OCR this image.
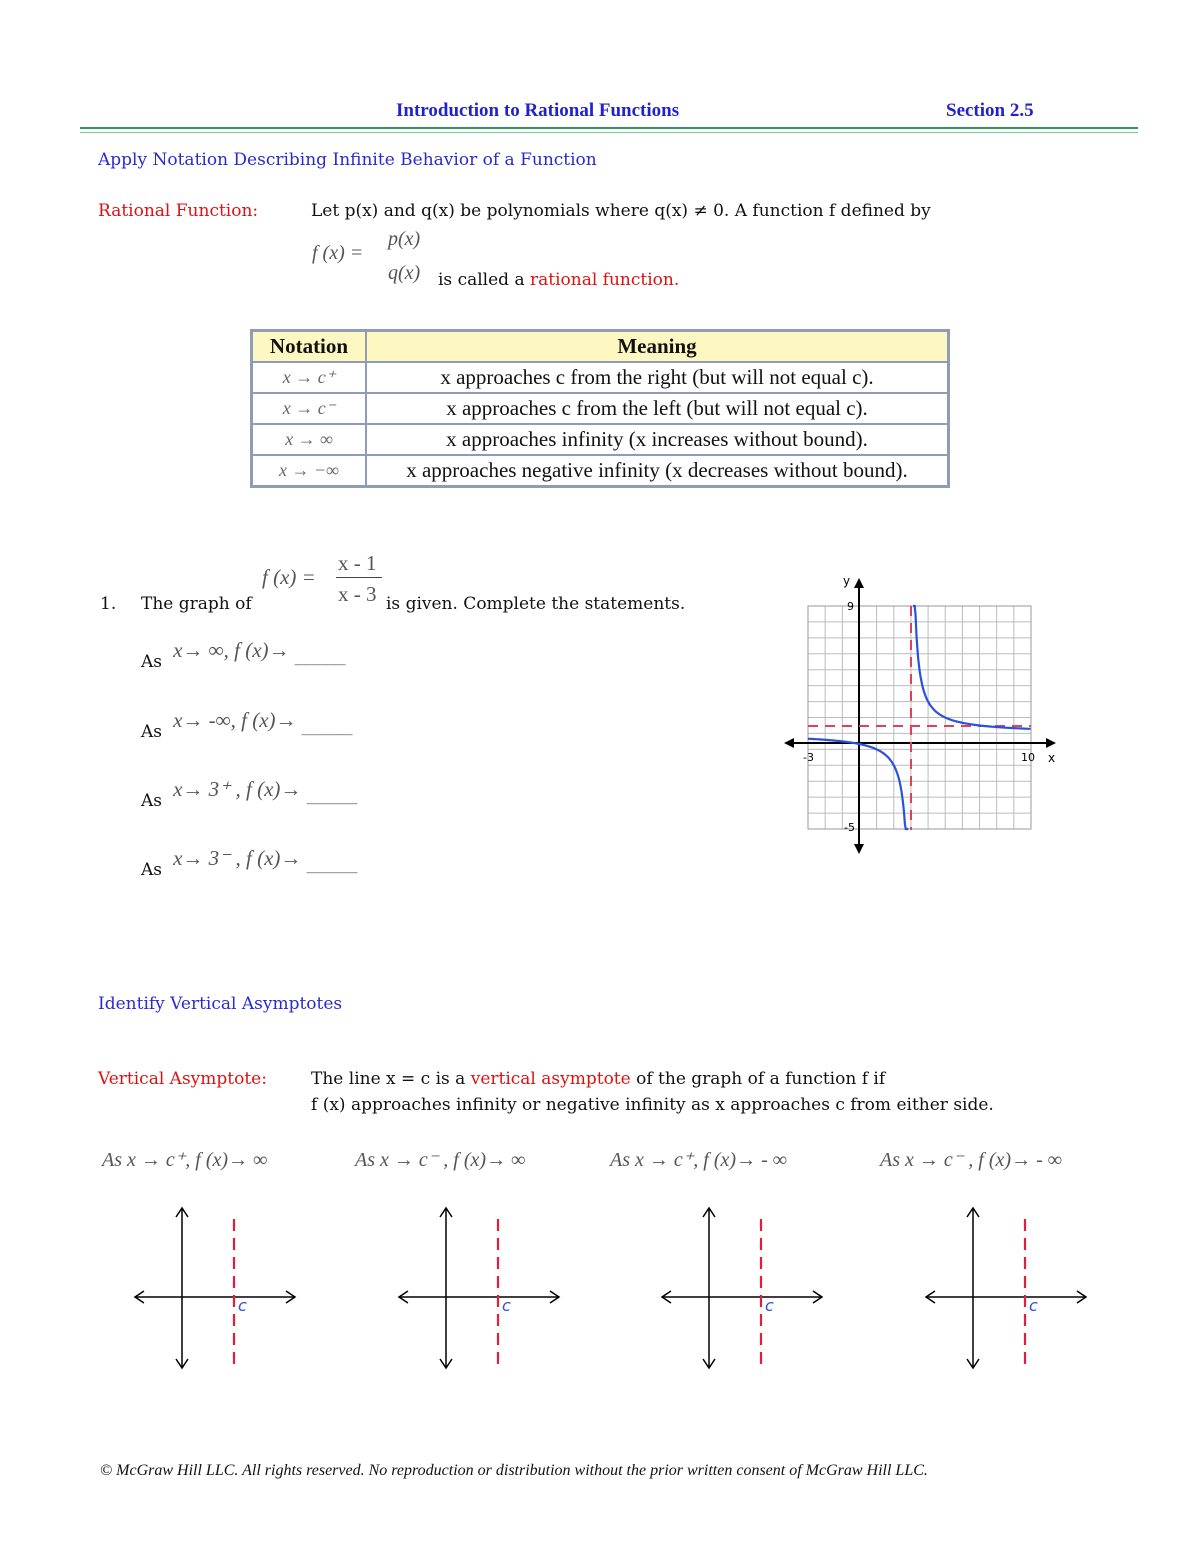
Introduction to Rational Functions	Section 2.5
Apply Notation Describing Infinite Behavior of a Function
Rational Function:	Let p(x) and q(x) be polynomials where q(x) ≠ 0. A function f defined by
f (x) =
p(x)
q(x) is called a rational function.
Notation	Meaning
x → c⁺	x approaches c from the right (but will not equal c).
x → c⁻	x approaches c from the left (but will not equal c).
x → ∞	x approaches infinity (x increases without bound).
x → −∞	x approaches negative infinity (x decreases without bound).
1. The graph of
f (x) =
x - 1
x - 3 is given. Complete the statements.
As x→ ∞, f (x)→ ______
As x→ -∞, f (x)→ ______
As x→ 3⁺ , f (x)→ ______
As x→ 3⁻ , f (x)→ ______
y
x
9
-5
-3	10
Identify Vertical Asymptotes
Vertical Asymptote:	The line x = c is a vertical asymptote of the graph of a function f if
f (x) approaches infinity or negative infinity as x approaches c from either side.
As x → c⁺, f (x)→ ∞	As x → c⁻ , f (x)→ ∞	As x → c⁺, f (x)→ - ∞	As x → c⁻ , f (x)→ - ∞
c	c	c	c
© McGraw Hill LLC. All rights reserved. No reproduction or distribution without the prior written consent of McGraw Hill LLC.
